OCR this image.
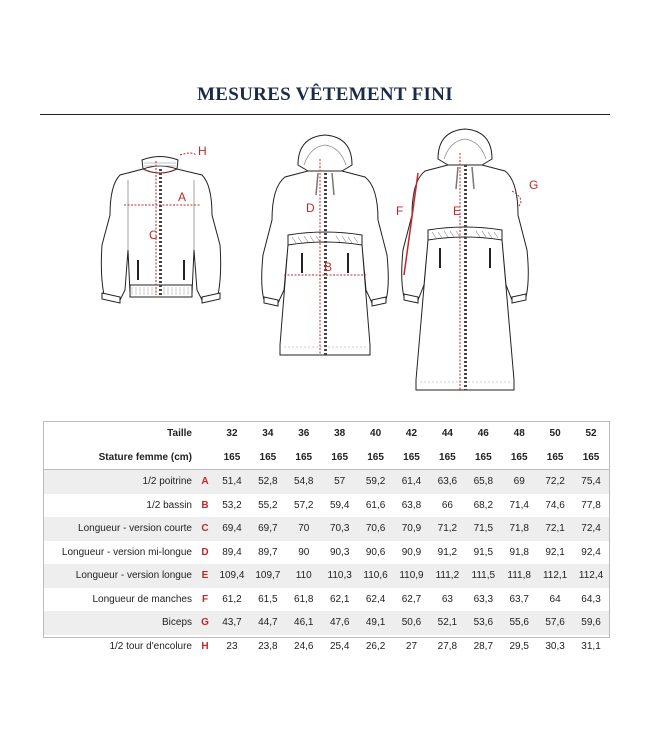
MESURES VÊTEMENT FINI
H
A
C
D
B
F	E
G
Taille		32	34	36	38	40	42	44	46	48	50	52
Stature femme (cm)		165	165	165	165	165	165	165	165	165	165	165
1/2 poitrine	A	51,4	52,8	54,8	57	59,2	61,4	63,6	65,8	69	72,2	75,4
1/2 bassin	B	53,2	55,2	57,2	59,4	61,6	63,8	66	68,2	71,4	74,6	77,8
Longueur - version courte	C	69,4	69,7	70	70,3	70,6	70,9	71,2	71,5	71,8	72,1	72,4
Longueur - version mi-longue	D	89,4	89,7	90	90,3	90,6	90,9	91,2	91,5	91,8	92,1	92,4
Longueur - version longue	E	109,4	109,7	110	110,3	110,6	110,9	111,2	111,5	111,8	112,1	112,4
Longueur de manches	F	61,2	61,5	61,8	62,1	62,4	62,7	63	63,3	63,7	64	64,3
Biceps	G	43,7	44,7	46,1	47,6	49,1	50,6	52,1	53,6	55,6	57,6	59,6
1/2 tour d'encolure	H	23	23,8	24,6	25,4	26,2	27	27,8	28,7	29,5	30,3	31,1
